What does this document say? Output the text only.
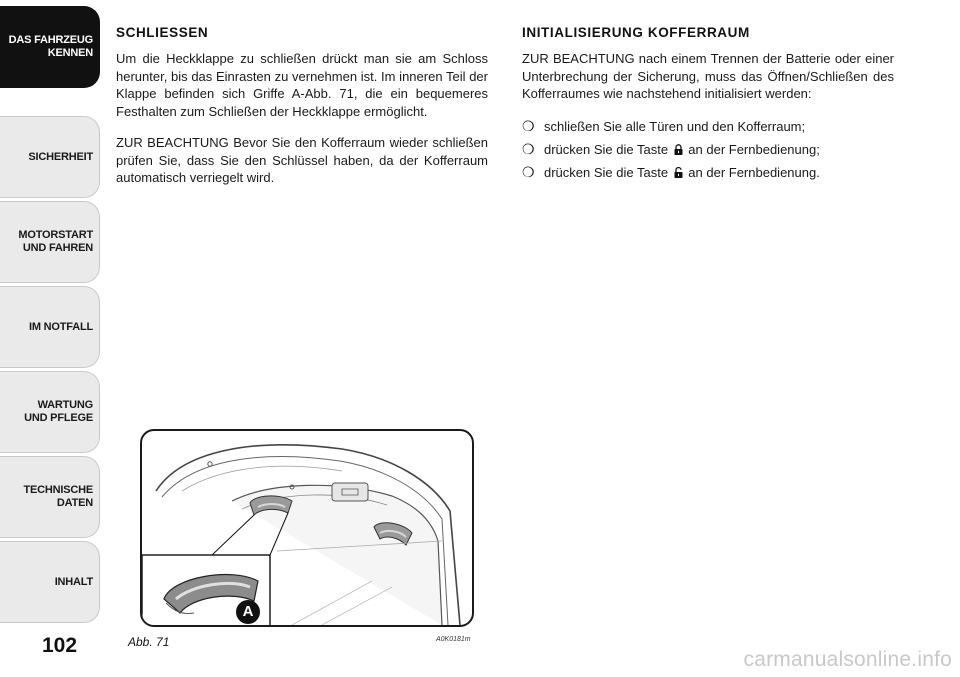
DAS FAHRZEUG
KENNEN
SICHERHEIT
MOTORSTART
UND FAHREN
IM NOTFALL
WARTUNG
UND PFLEGE
TECHNISCHE
DATEN
INHALT
102
SCHLIESSEN

Um die Heckklappe zu schließen drückt man sie am Schloss herunter, bis das Einrasten zu vernehmen ist. Im inneren Teil der Klappe befinden sich Griffe A-Abb. 71, die ein bequemeres Festhalten zum Schließen der Heckklappe ermöglicht.

ZUR BEACHTUNG Bevor Sie den Kofferraum wieder schließen prüfen Sie, dass Sie den Schlüssel haben, da der Kofferraum automatisch verriegelt wird.

INITIALISIERUNG KOFFERRAUM

ZUR BEACHTUNG nach einem Trennen der Batterie oder einer Unterbrechung der Sicherung, muss das Öffnen/Schließen des Kofferraumes wie nachstehend initialisiert werden:

❍ schließen Sie alle Türen und den Kofferraum;
❍ drücken Sie die Taste  an der Fernbedienung;
❍ drücken Sie die Taste  an der Fernbedienung.
A
Abb. 71	A0K0181m
carmanualsonline.info
